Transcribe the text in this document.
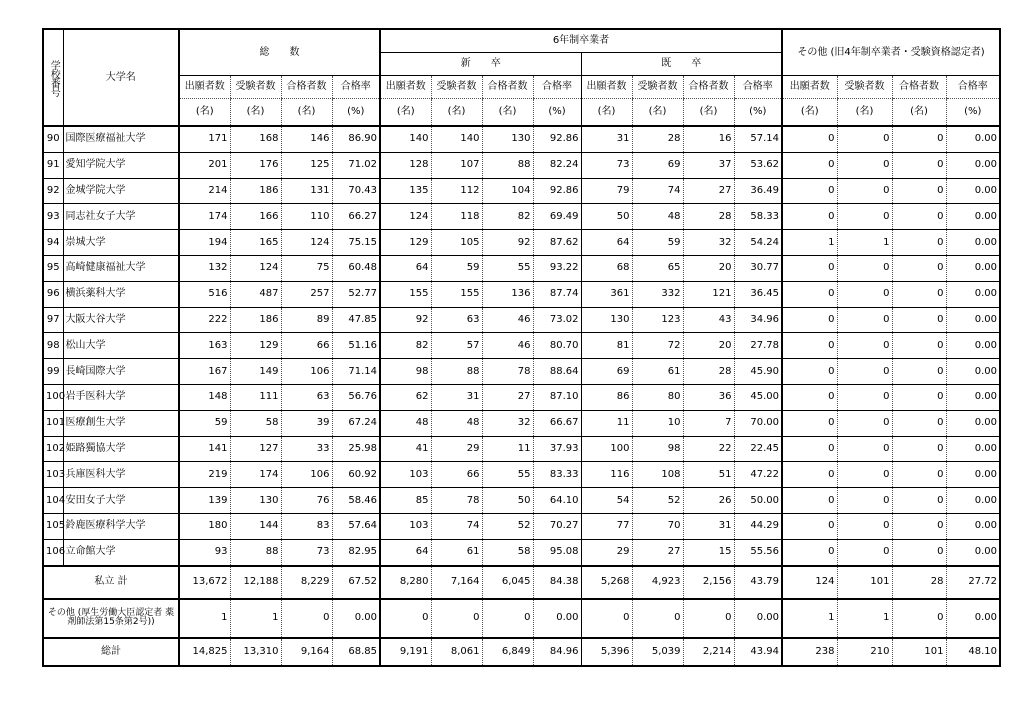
学校番号	大学名	総　　数				6年制卒業者								その他 (旧4年制卒業者・受験資格認定者)			
						新　　卒				既　　卒							
		出願者数	受験者数	合格者数	合格率	出願者数	受験者数	合格者数	合格率	出願者数	受験者数	合格者数	合格率	出願者数	受験者数	合格者数	合格率
		(名)	(名)	(名)	(%)	(名)	(名)	(名)	(%)	(名)	(名)	(名)	(%)	(名)	(名)	(名)	(%)
90	国際医療福祉大学	171	168	146	86.90	140	140	130	92.86	31	28	16	57.14	0	0	0	0.00
91	愛知学院大学	201	176	125	71.02	128	107	88	82.24	73	69	37	53.62	0	0	0	0.00
92	金城学院大学	214	186	131	70.43	135	112	104	92.86	79	74	27	36.49	0	0	0	0.00
93	同志社女子大学	174	166	110	66.27	124	118	82	69.49	50	48	28	58.33	0	0	0	0.00
94	崇城大学	194	165	124	75.15	129	105	92	87.62	64	59	32	54.24	1	1	0	0.00
95	高崎健康福祉大学	132	124	75	60.48	64	59	55	93.22	68	65	20	30.77	0	0	0	0.00
96	横浜薬科大学	516	487	257	52.77	155	155	136	87.74	361	332	121	36.45	0	0	0	0.00
97	大阪大谷大学	222	186	89	47.85	92	63	46	73.02	130	123	43	34.96	0	0	0	0.00
98	松山大学	163	129	66	51.16	82	57	46	80.70	81	72	20	27.78	0	0	0	0.00
99	長崎国際大学	167	149	106	71.14	98	88	78	88.64	69	61	28	45.90	0	0	0	0.00
100	岩手医科大学	148	111	63	56.76	62	31	27	87.10	86	80	36	45.00	0	0	0	0.00
101	医療創生大学	59	58	39	67.24	48	48	32	66.67	11	10	7	70.00	0	0	0	0.00
102	姫路獨協大学	141	127	33	25.98	41	29	11	37.93	100	98	22	22.45	0	0	0	0.00
103	兵庫医科大学	219	174	106	60.92	103	66	55	83.33	116	108	51	47.22	0	0	0	0.00
104	安田女子大学	139	130	76	58.46	85	78	50	64.10	54	52	26	50.00	0	0	0	0.00
105	鈴鹿医療科学大学	180	144	83	57.64	103	74	52	70.27	77	70	31	44.29	0	0	0	0.00
106	立命館大学	93	88	73	82.95	64	61	58	95.08	29	27	15	55.56	0	0	0	0.00
私立 計		13,672	12,188	8,229	67.52	8,280	7,164	6,045	84.38	5,268	4,923	2,156	43.79	124	101	28	27.72
その他 (厚生労働大臣認定者 薬剤師法第15条第2号))		1	1	0	0.00	0	0	0	0.00	0	0	0	0.00	1	1	0	0.00
総計		14,825	13,310	9,164	68.85	9,191	8,061	6,849	84.96	5,396	5,039	2,214	43.94	238	210	101	48.10
